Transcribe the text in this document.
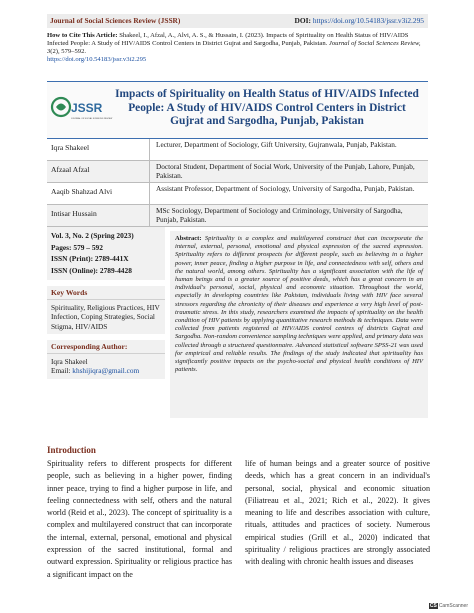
Journal of Social Sciences Review (JSSR)	DOI: https://doi.org/10.54183/jssr.v3i2.295
How to Cite This Article: Shakeel, I., Afzal, A., Alvi, A. S., & Hussain, I. (2023). Impacts of Spirituality on Health Status of HIV/AIDS Infected People: A Study of HIV/AIDS Control Centers in District Gujrat and Sargodha, Punjab, Pakistan. Journal of Social Sciences Review, 3(2), 579–592.
https://doi.org/10.54183/jssr.v3i2.295
JSSR
JOURNAL OF SOCIAL SCIENCES REVIEW
Impacts of Spirituality on Health Status of HIV/AIDS Infected People: A Study of HIV/AIDS Control Centers in District Gujrat and Sargodha, Punjab, Pakistan
Iqra Shakeel	Lecturer, Department of Sociology, Gift University, Gujranwala, Punjab, Pakistan.
Afzaal Afzal	Doctoral Student, Department of Social Work, University of the Punjab, Lahore, Punjab, Pakistan.
Aaqib Shahzad Alvi	Assistant Professor, Department of Sociology, University of Sargodha, Punjab, Pakistan.
Intisar Hussain	MSc Sociology, Department of Sociology and Criminology, University of Sargodha, Punjab, Pakistan.
Vol. 3, No. 2 (Spring 2023)
Pages: 579 – 592
ISSN (Print): 2789-441X
ISSN (Online): 2789-4428
Key Words
Spirituality, Religious Practices, HIV Infection, Coping Strategies, Social Stigma, HIV/AIDS
Corresponding Author:
Iqra Shakeel
Email: khshijiqra@gmail.com
Abstract: Spirituality is a complex and multilayered construct that can incorporate the internal, external, personal, emotional and physical expression of the sacred expression. Spirituality refers to different prospects for different people, such as believing in a higher power, inner peace, finding a higher purpose in life, and connectedness with self, others and the natural world, among others. Spirituality has a significant association with the life of human beings and is a greater source of positive deeds, which has a great concern in an individual's personal, social, physical and economic situation. Throughout the world, especially in developing countries like Pakistan, individuals living with HIV face several stressors regarding the chronicity of their diseases and experience a very high level of post-traumatic stress. In this study, researchers examined the impacts of spirituality on the health condition of HIV patients by applying quantitative research methods & techniques. Data were collected from patients registered at HIV/AIDS control centres of districts Gujrat and Sargodha. Non-random convenience sampling techniques were applied, and primary data was collected through a structured questionnaire. Advanced statistical software SPSS-21 was used for empirical and reliable results. The findings of the study indicated that spirituality has significantly positive impacts on the psycho-social and physical health conditions of HIV patients.
Introduction
Spirituality refers to different prospects for different people, such as believing in a higher power, finding inner peace, trying to find a higher purpose in life, and feeling connectedness with self, others and the natural world (Reid et al., 2023). The concept of spirituality is a complex and multilayered construct that can incorporate the internal, external, personal, emotional and physical expression of the sacred institutional, formal and outward expression. Spirituality or religious practice has a significant impact on the
life of human beings and a greater source of positive deeds, which has a great concern in an individual's personal, social, physical and economic situation (Filiatreau et al., 2021; Rich et al., 2022). It gives meaning to life and describes association with culture, rituals, attitudes and practices of society. Numerous empirical studies (Grill et al., 2020) indicated that spirituality / religious practices are strongly associated with dealing with chronic health issues and diseases
CS CamScanner
